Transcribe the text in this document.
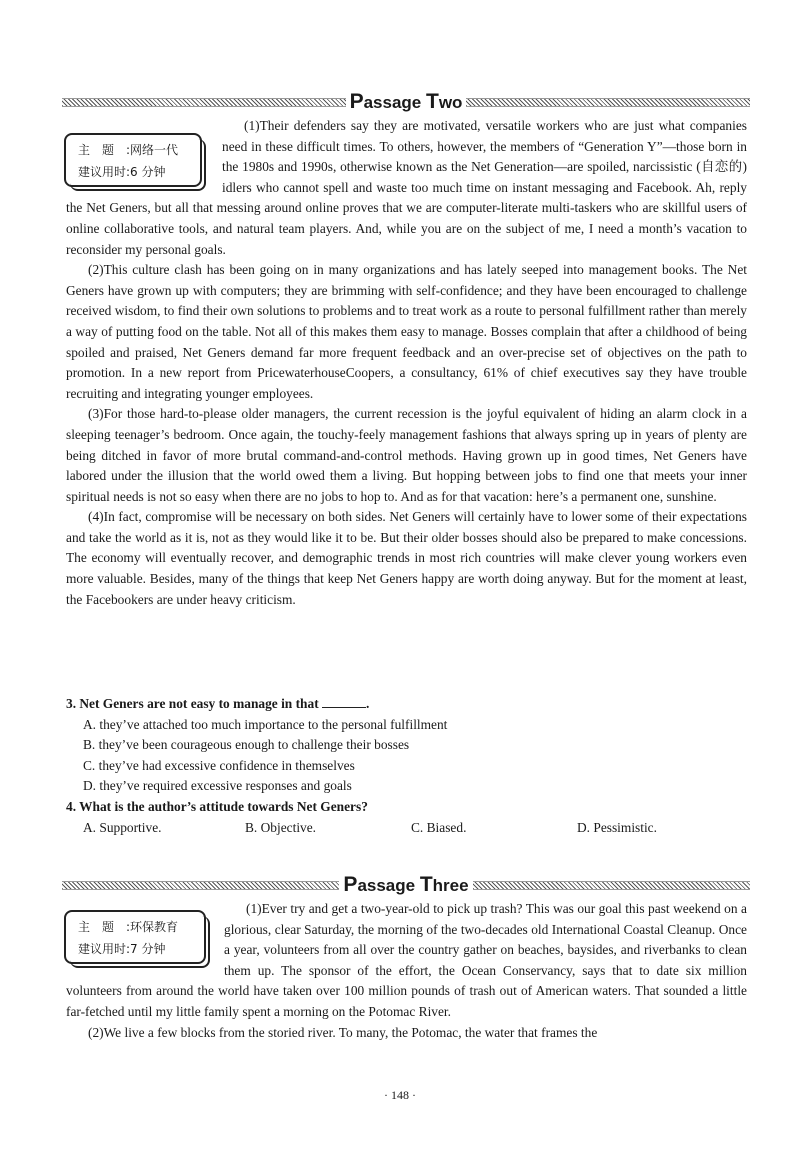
Passage Two
主题:网络一代
建议用时:6 分钟

(1)Their defenders say they are motivated, versatile workers who are just what companies need in these difficult times. To others, however, the members of “Generation Y”—those born in the 1980s and 1990s, otherwise known as the Net Generation—are spoiled, narcissistic (自恋的) idlers who cannot spell and waste too much time on instant messaging and Facebook. Ah, reply the Net Geners, but all that messing around online proves that we are computer-literate multi-taskers who are skillful users of online collaborative tools, and natural team players. And, while you are on the subject of me, I need a month’s vacation to reconsider my personal goals.

(2)This culture clash has been going on in many organizations and has lately seeped into management books. The Net Geners have grown up with computers; they are brimming with self-confidence; and they have been encouraged to challenge received wisdom, to find their own solutions to problems and to treat work as a route to personal fulfillment rather than merely a way of putting food on the table. Not all of this makes them easy to manage. Bosses complain that after a childhood of being spoiled and praised, Net Geners demand far more frequent feedback and an over-precise set of objectives on the path to promotion. In a new report from PricewaterhouseCoopers, a consultancy, 61% of chief executives say they have trouble recruiting and integrating younger employees.

(3)For those hard-to-please older managers, the current recession is the joyful equivalent of hiding an alarm clock in a sleeping teenager’s bedroom. Once again, the touchy-feely management fashions that always spring up in years of plenty are being ditched in favor of more brutal command-and-control methods. Having grown up in good times, Net Geners have labored under the illusion that the world owed them a living. But hopping between jobs to find one that meets your inner spiritual needs is not so easy when there are no jobs to hop to. And as for that vacation: here’s a permanent one, sunshine.

(4)In fact, compromise will be necessary on both sides. Net Geners will certainly have to lower some of their expectations and take the world as it is, not as they would like it to be. But their older bosses should also be prepared to make concessions. The economy will eventually recover, and demographic trends in most rich countries will make clever young workers even more valuable. Besides, many of the things that keep Net Geners happy are worth doing anyway. But for the moment at least, the Facebookers are under heavy criticism.

3. Net Geners are not easy to manage in that	.
A. they’ve attached too much importance to the personal fulfillment
B. they’ve been courageous enough to challenge their bosses
C. they’ve had excessive confidence in themselves
D. they’ve required excessive responses and goals
4. What is the author’s attitude towards Net Geners?
A. Supportive.	B. Objective.	C. Biased.	D. Pessimistic.
Passage Three
主题:环保教育
建议用时:7 分钟

(1)Ever try and get a two-year-old to pick up trash? This was our goal this past weekend on a glorious, clear Saturday, the morning of the two-decades old International Coastal Cleanup. Once a year, volunteers from all over the country gather on beaches, baysides, and riverbanks to clean them up. The sponsor of the effort, the Ocean Conservancy, says that to date six million volunteers from around the world have taken over 100 million pounds of trash out of American waters. That sounded a little far-fetched until my little family spent a morning on the Potomac River.

(2)We live a few blocks from the storied river. To many, the Potomac, the water that frames the

· 148 ·
